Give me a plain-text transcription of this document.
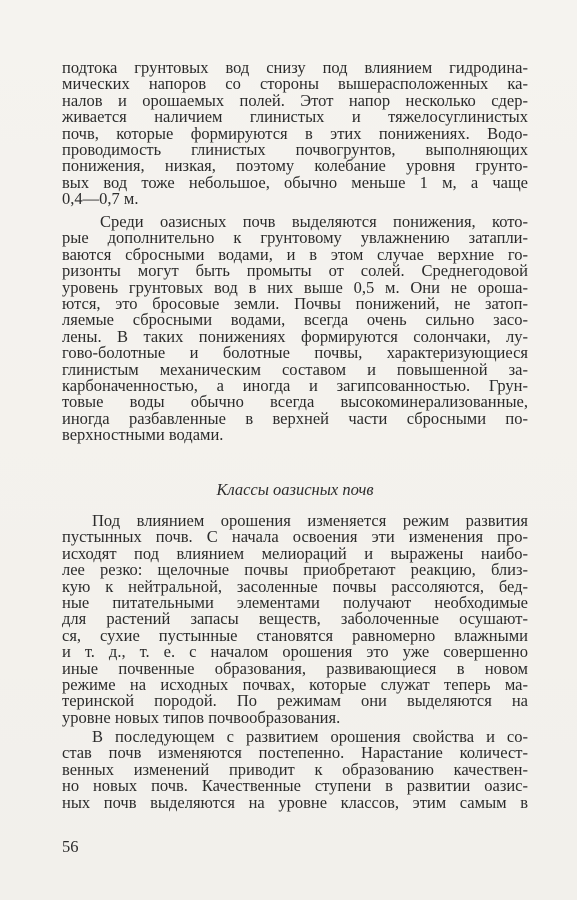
подтока грунтовых вод снизу под влиянием гидродина-
мических напоров со стороны вышерасположенных ка-
налов и орошаемых полей. Этот напор несколько сдер-
живается наличием глинистых и тяжелосуглинистых
почв, которые формируются в этих понижениях. Водо-
проводимость глинистых почвогрунтов, выполняющих
понижения, низкая, поэтому колебание уровня грунто-
вых вод тоже небольшое, обычно меньше 1 м, а чаще
0,4—0,7 м.
Среди оазисных почв выделяются понижения, кото-
рые дополнительно к грунтовому увлажнению затапли-
ваются сбросными водами, и в этом случае верхние го-
ризонты могут быть промыты от солей. Среднегодовой
уровень грунтовых вод в них выше 0,5 м. Они не ороша-
ются, это бросовые земли. Почвы понижений, не затоп-
ляемые сбросными водами, всегда очень сильно засо-
лены. В таких понижениях формируются солончаки, лу-
гово-болотные и болотные почвы, характеризующиеся
глинистым механическим составом и повышенной за-
карбоначенностью, а иногда и загипсованностью. Грун-
товые воды обычно всегда высокоминерализованные,
иногда разбавленные в верхней части сбросными по-
верхностными водами.
Классы оазисных почв
Под влиянием орошения изменяется режим развития
пустынных почв. С начала освоения эти изменения про-
исходят под влиянием мелиораций и выражены наибо-
лее резко: щелочные почвы приобретают реакцию, близ-
кую к нейтральной, засоленные почвы рассоляются, бед-
ные питательными элементами получают необходимые
для растений запасы веществ, заболоченные осушают-
ся, сухие пустынные становятся равномерно влажными
и т. д., т. е. с началом орошения это уже совершенно
иные почвенные образования, развивающиеся в новом
режиме на исходных почвах, которые служат теперь ма-
теринской породой. По режимам они выделяются на
уровне новых типов почвообразования.
В последующем с развитием орошения свойства и со-
став почв изменяются постепенно. Нарастание количест-
венных изменений приводит к образованию качествен-
но новых почв. Качественные ступени в развитии оазис-
ных почв выделяются на уровне классов, этим самым в
56
